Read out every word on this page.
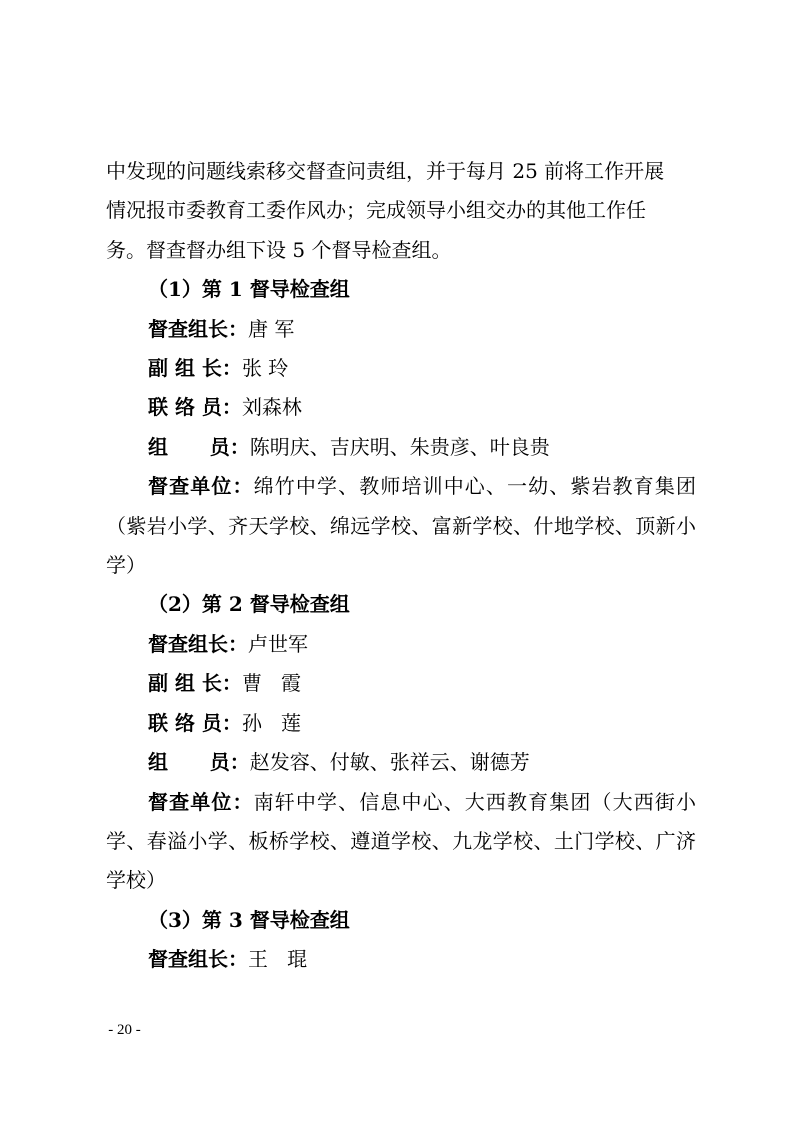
中发现的问题线索移交督查问责组，并于每月 25 前将工作开展

情况报市委教育工委作风办；完成领导小组交办的其他工作任

务。督查督办组下设 5 个督导检查组。

（1）第 1 督导检查组

督查组长：唐 军

副 组 长：张 玲

联 络 员：刘森林

组      员：陈明庆、吉庆明、朱贵彦、叶良贵

督查单位：绵竹中学、教师培训中心、一幼、紫岩教育集团（紫岩小学、齐天学校、绵远学校、富新学校、什地学校、顶新小学）

（2）第 2 督导检查组

督查组长：卢世军

副 组 长：曹   霞

联 络 员：孙   莲

组      员：赵发容、付敏、张祥云、谢德芳

督查单位：南轩中学、信息中心、大西教育集团（大西街小学、春溢小学、板桥学校、遵道学校、九龙学校、土门学校、广济学校）

（3）第 3 督导检查组

督查组长：王   琨

- 20 -
